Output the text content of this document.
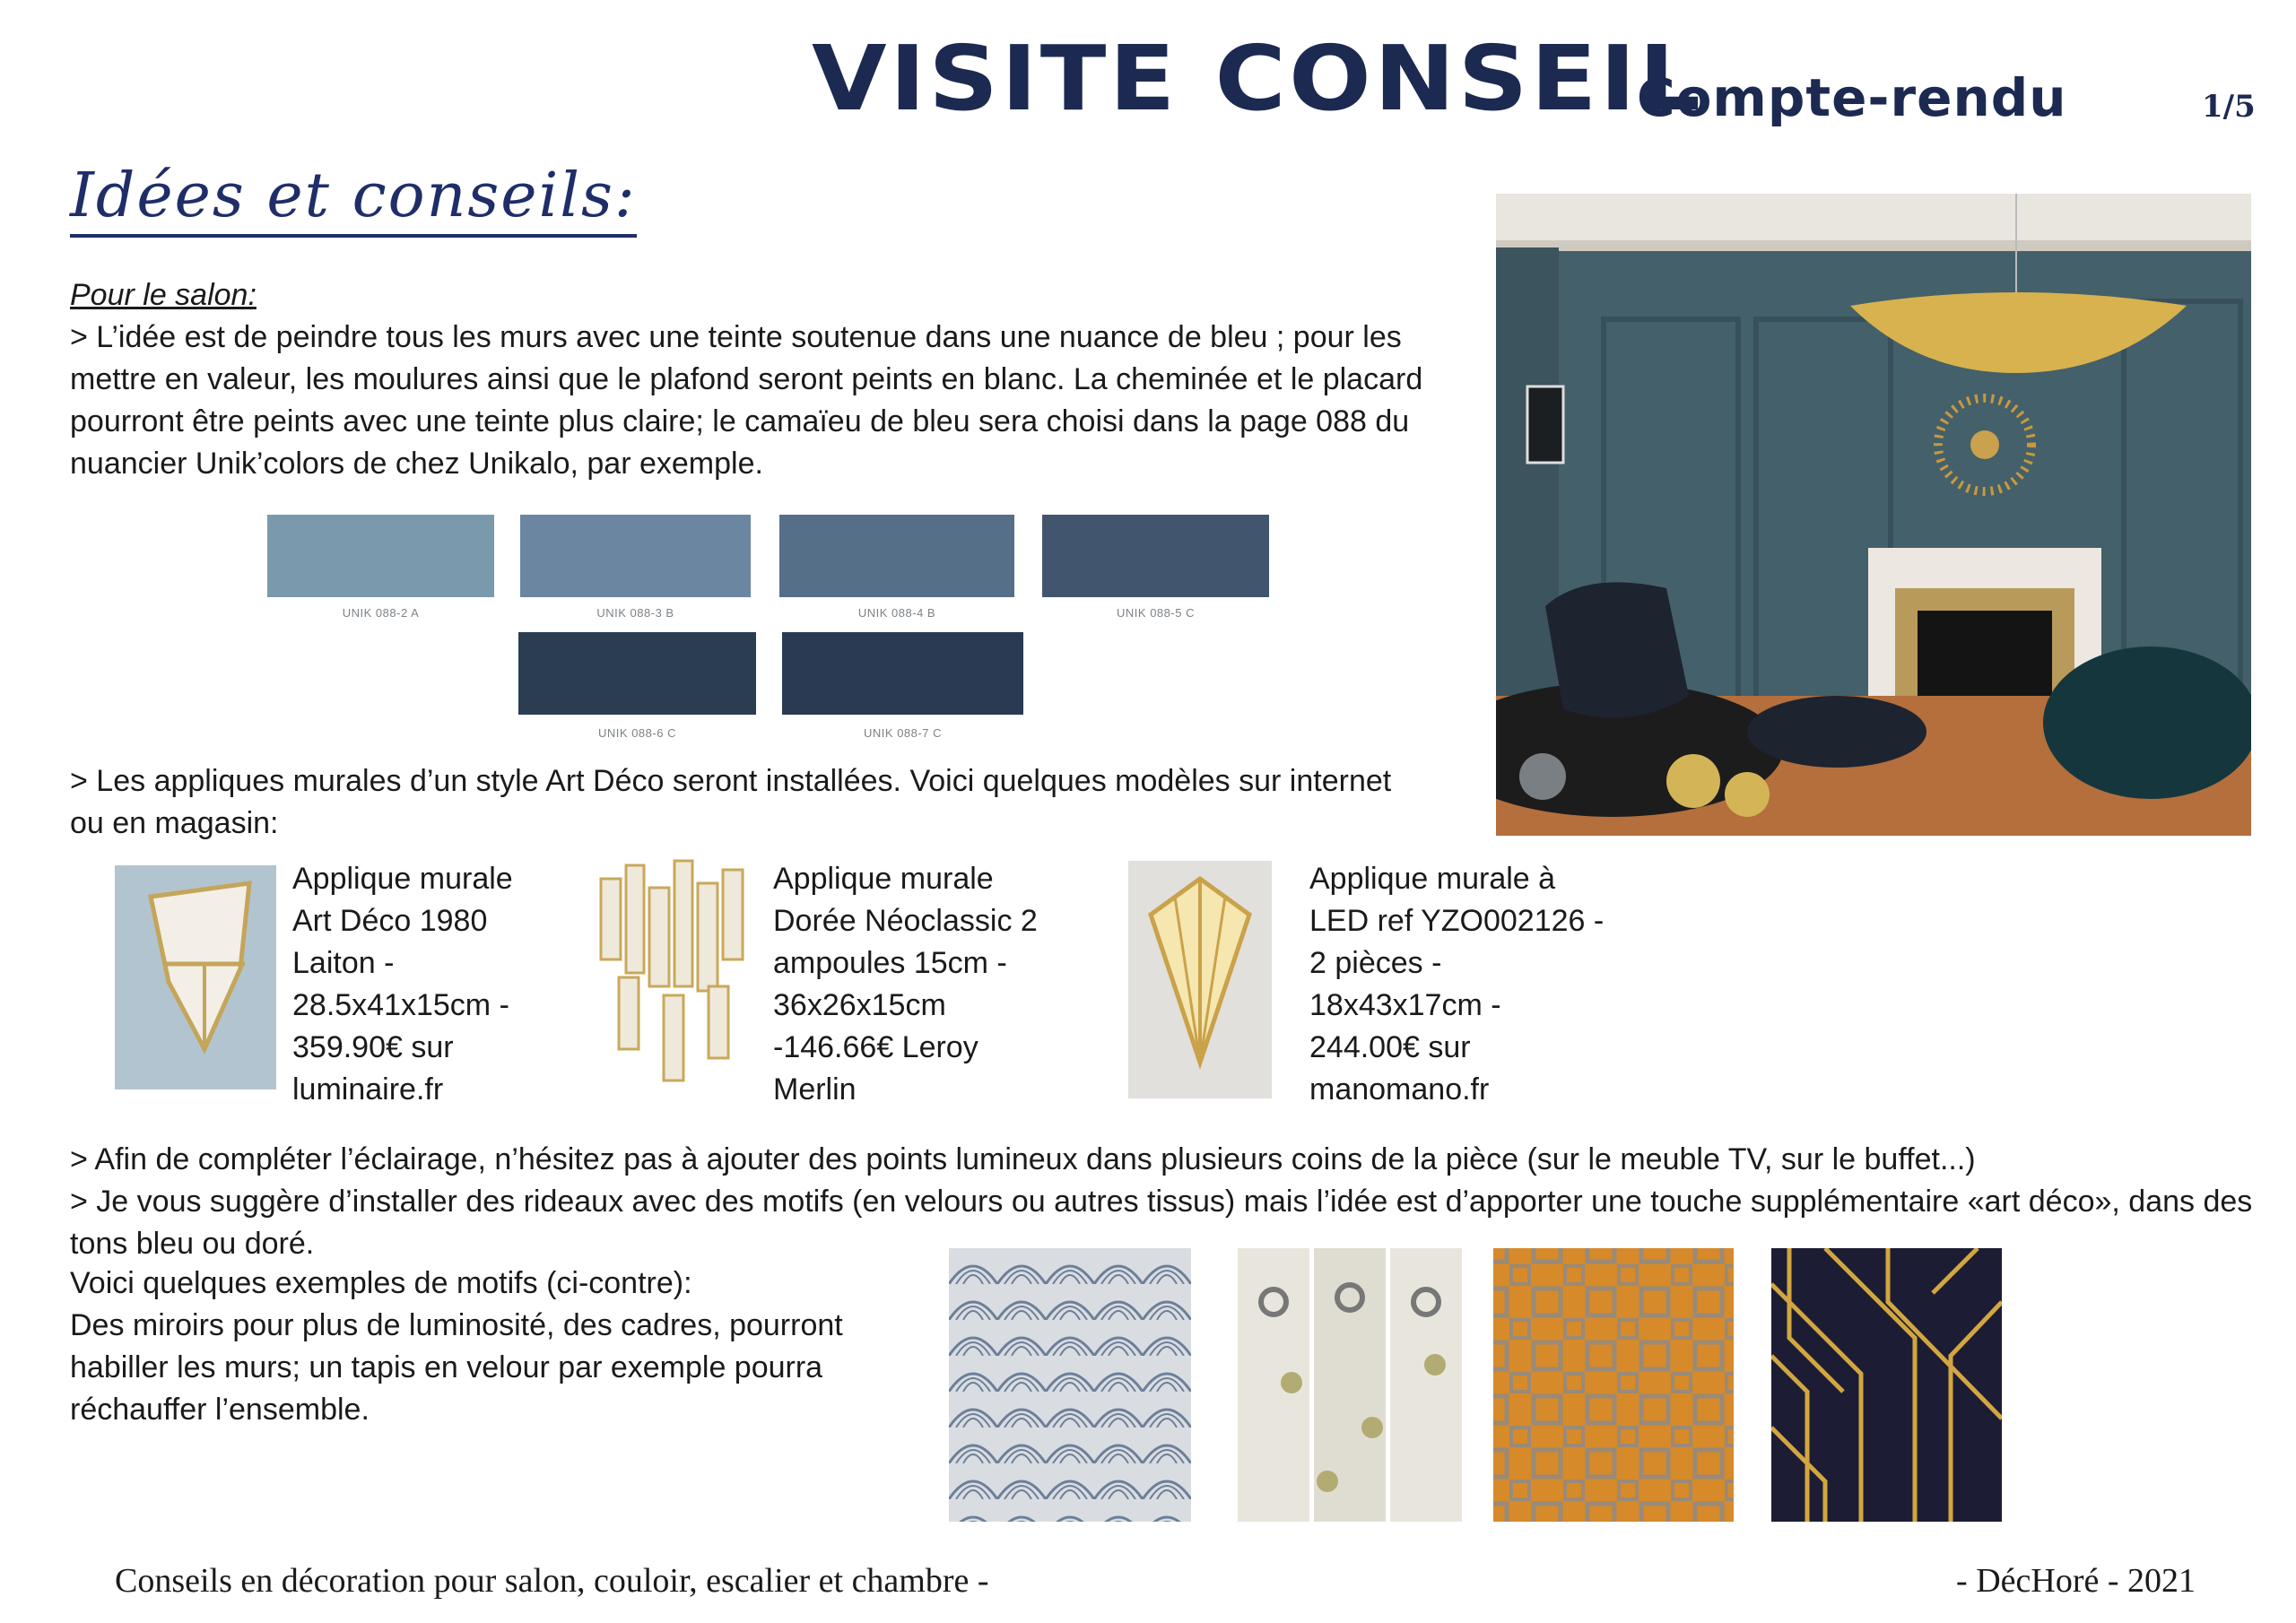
VISITE CONSEIL
Compte-rendu	1/5
Idées et conseils:
Pour le salon:
> L’idée est de peindre tous les murs avec une teinte soutenue dans une nuance de bleu ; pour les mettre en valeur, les moulures ainsi que le plafond seront peints en blanc. La cheminée et le placard pourront être peints avec une teinte plus claire; le camaïeu de bleu sera choisi dans la page 088 du nuancier Unik’colors de chez Unikalo, par exemple.
UNIK 088-2 A	UNIK 088-3 B	UNIK 088-4 B	UNIK 088-5 C
UNIK 088-6 C	UNIK 088-7 C
> Les appliques murales d’un style Art Déco seront installées. Voici quelques modèles sur internet
ou en magasin:
Applique murale
Art Déco 1980
Laiton -
28.5x41x15cm -
359.90€ sur
luminaire.fr
Applique murale
Dorée Néoclassic 2
ampoules 15cm -
36x26x15cm
-146.66€ Leroy
Merlin
Applique murale à
LED ref YZO002126 -
2 pièces -
18x43x17cm -
244.00€ sur
manomano.fr
> Afin de compléter l’éclairage, n’hésitez pas à ajouter des points lumineux dans plusieurs coins de la pièce (sur le meuble TV, sur le buffet...)
> Je vous suggère d’installer des rideaux avec des motifs (en velours ou autres tissus) mais l’idée est d’apporter une touche supplémentaire «art déco», dans des tons bleu ou doré.
Voici quelques exemples de motifs (ci-contre):
Des miroirs pour plus de luminosité, des cadres, pourront habiller les murs; un tapis en velour par exemple pourra réchauffer l’ensemble.
Conseils en décoration pour salon, couloir, escalier et chambre -	- DécHoré - 2021
